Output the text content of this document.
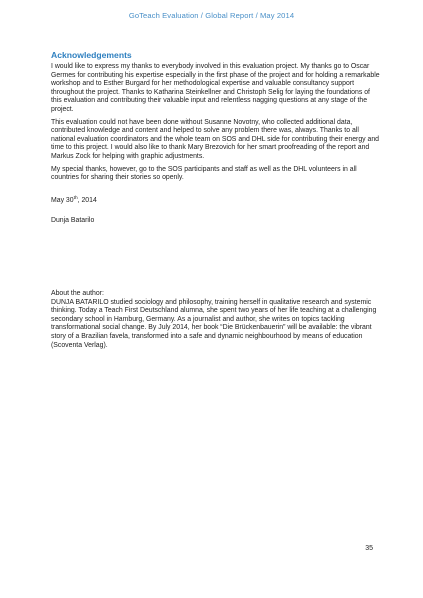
GoTeach Evaluation / Global Report / May 2014
Acknowledgements

I would like to express my thanks to everybody involved in this evaluation project. My thanks go to Oscar Germes for contributing his expertise especially in the first phase of the project and for holding a remarkable workshop and to Esther Burgard for her methodological expertise and valuable consultancy support throughout the project. Thanks to Katharina Steinkellner and Christoph Selig for laying the foundations of this evaluation and contributing their valuable input and relentless nagging questions at any stage of the project.

This evaluation could not have been done without Susanne Novotny, who collected additional data, contributed knowledge and content and helped to solve any problem there was, always. Thanks to all national evaluation coordinators and the whole team on SOS and DHL side for contributing their energy and time to this project. I would also like to thank Mary Brezovich for her smart proofreading of the report and Markus Zock for helping with graphic adjustments.

My special thanks, however, go to the SOS participants and staff as well as the DHL volunteers in all countries for sharing their stories so openly.

May 30th, 2014
Dunja Batarilo

About the author:

DUNJA BATARILO studied sociology and philosophy, training herself in qualitative research and systemic thinking. Today a Teach First Deutschland alumna, she spent two years of her life teaching at a challenging secondary school in Hamburg, Germany. As a journalist and author, she writes on topics tackling transformational social change. By July 2014, her book “Die Brückenbauerin” will be available: the vibrant story of a Brazilian favela, transformed into a safe and dynamic neighbourhood by means of education (Scoventa Verlag).

35
